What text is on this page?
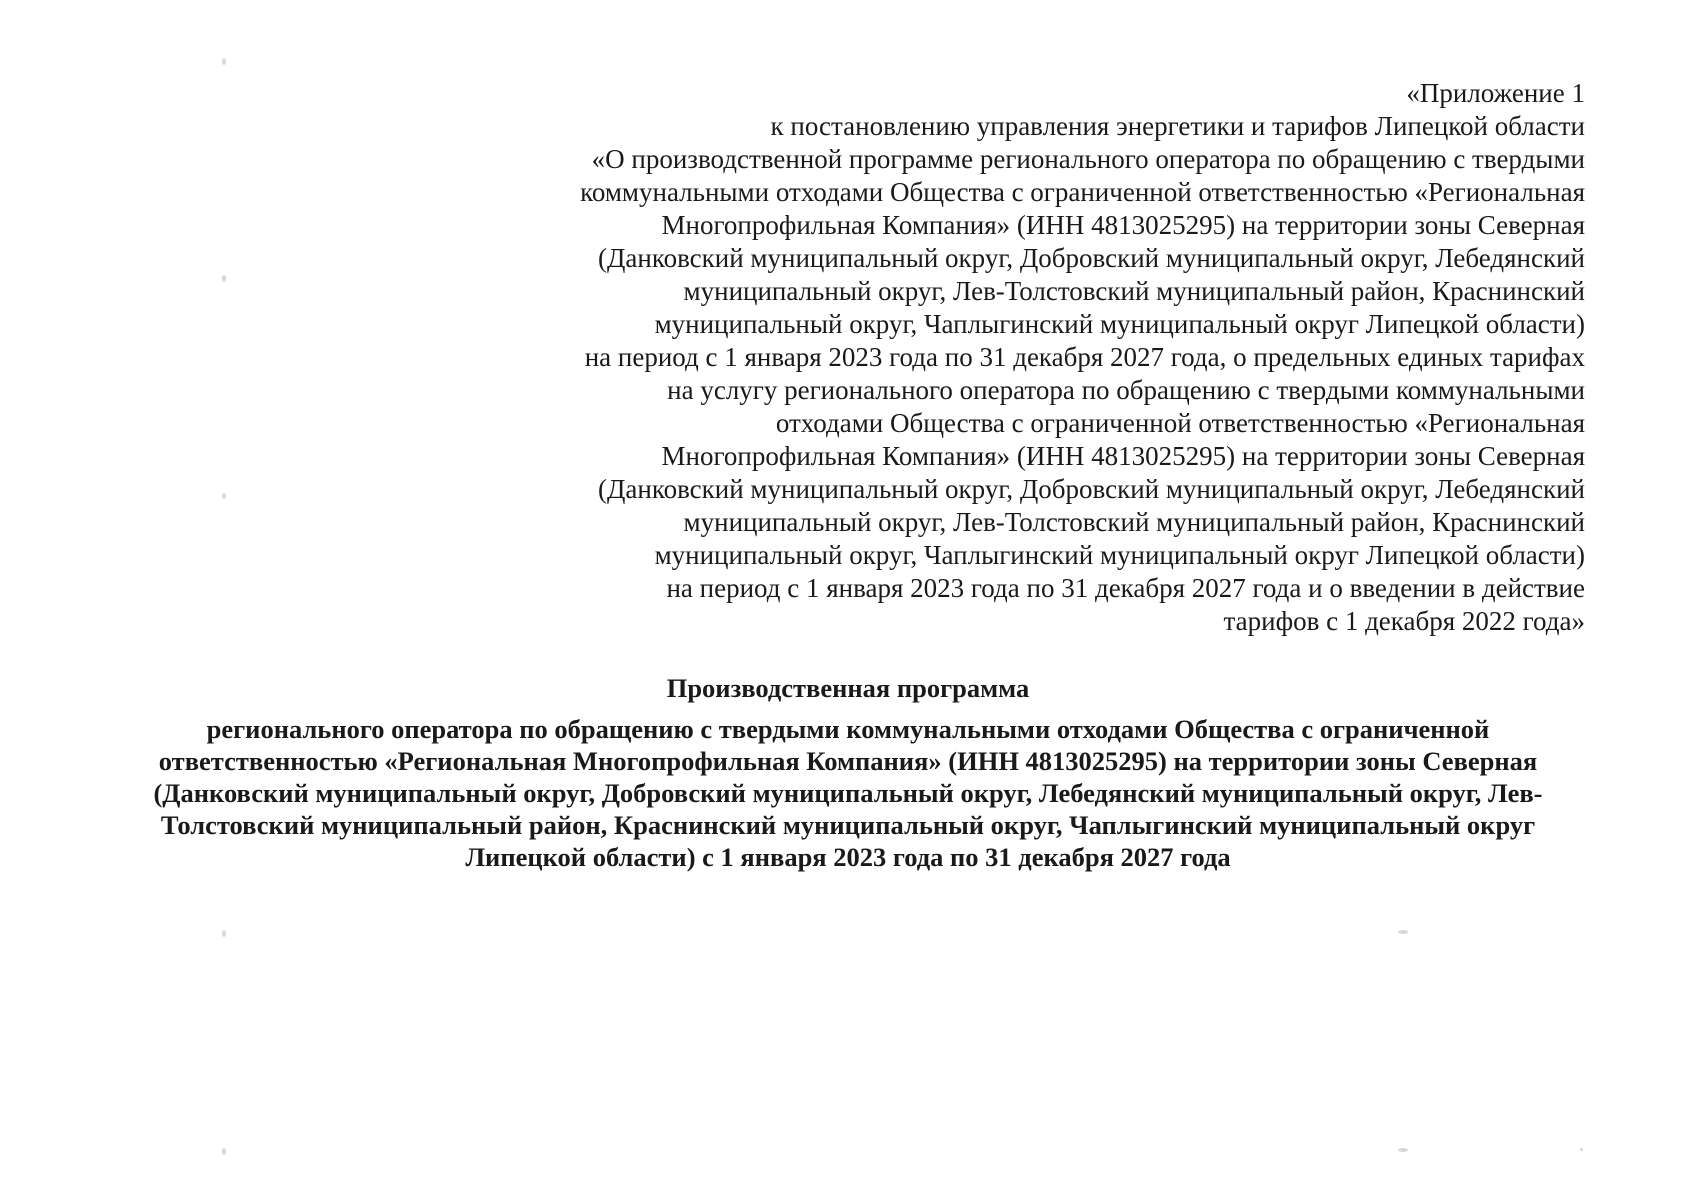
«Приложение 1
к постановлению управления энергетики и тарифов Липецкой области
«О производственной программе регионального оператора по обращению с твердыми
коммунальными отходами Общества с ограниченной ответственностью «Региональная
Многопрофильная Компания» (ИНН 4813025295) на территории зоны Северная
(Данковский муниципальный округ, Добровский муниципальный округ, Лебедянский
муниципальный округ, Лев-Толстовский муниципальный район, Краснинский
муниципальный округ, Чаплыгинский муниципальный округ Липецкой области)
на период с 1 января 2023 года по 31 декабря 2027 года, о предельных единых тарифах
на услугу регионального оператора по обращению с твердыми коммунальными
отходами Общества с ограниченной ответственностью «Региональная
Многопрофильная Компания» (ИНН 4813025295) на территории зоны Северная
(Данковский муниципальный округ, Добровский муниципальный округ, Лебедянский
муниципальный округ, Лев-Толстовский муниципальный район, Краснинский
муниципальный округ, Чаплыгинский муниципальный округ Липецкой области)
на период с 1 января 2023 года по 31 декабря 2027 года и о введении в действие
тарифов с 1 декабря 2022 года»
Производственная программа
регионального оператора по обращению с твердыми коммунальными отходами Общества с ограниченной
ответственностью «Региональная Многопрофильная Компания» (ИНН 4813025295) на территории зоны Северная
(Данковский муниципальный округ, Добровский муниципальный округ, Лебедянский муниципальный округ, Лев-
Толстовский муниципальный район, Краснинский муниципальный округ, Чаплыгинский муниципальный округ
Липецкой области) с 1 января 2023 года по 31 декабря 2027 года
